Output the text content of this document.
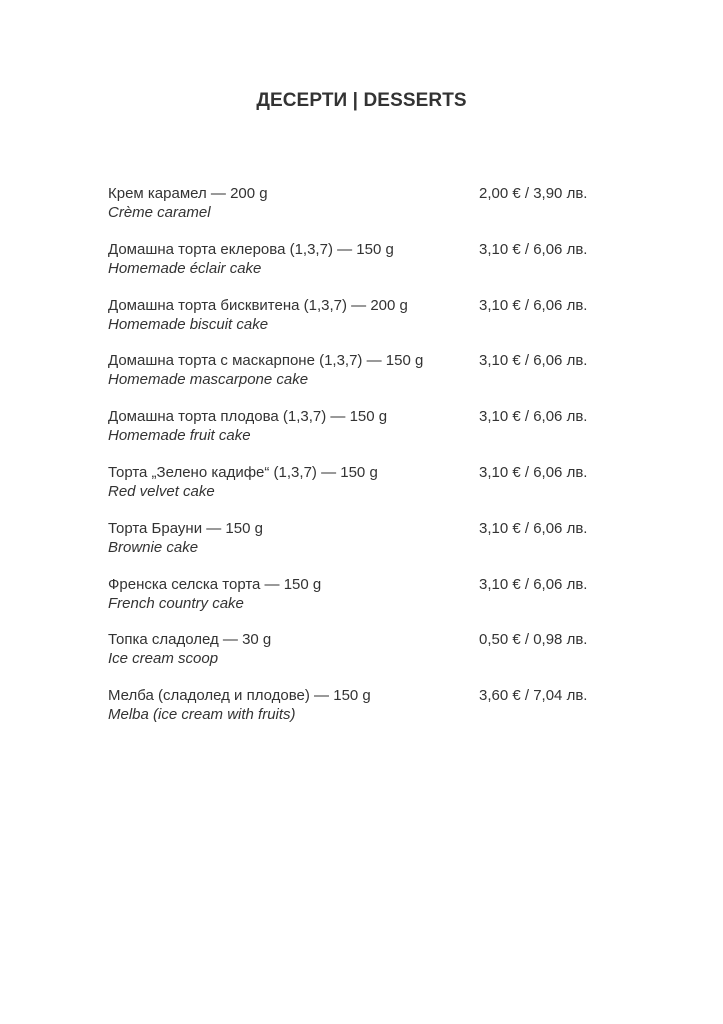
ДЕСЕРТИ | DESSERTS
Крем карамел — 200 g
Crème caramel
2,00 € / 3,90 лв.
Домашна торта еклерова (1,3,7) — 150 g
Homemade éclair cake
3,10 € / 6,06 лв.
Домашна торта бисквитена (1,3,7) — 200 g
Homemade biscuit cake
3,10 € / 6,06 лв.
Домашна торта с маскарпоне (1,3,7) — 150 g
Homemade mascarpone cake
3,10 € / 6,06 лв.
Домашна торта плодова (1,3,7) — 150 g
Homemade fruit cake
3,10 € / 6,06 лв.
Торта „Зелено кадифе“ (1,3,7) — 150 g
Red velvet cake
3,10 € / 6,06 лв.
Торта Брауни — 150 g
Brownie cake
3,10 € / 6,06 лв.
Френска селска торта — 150 g
French country cake
3,10 € / 6,06 лв.
Топка сладолед — 30 g
Ice cream scoop
0,50 € / 0,98 лв.
Мелба (сладолед и плодове) — 150 g
Melba (ice cream with fruits)
3,60 € / 7,04 лв.
